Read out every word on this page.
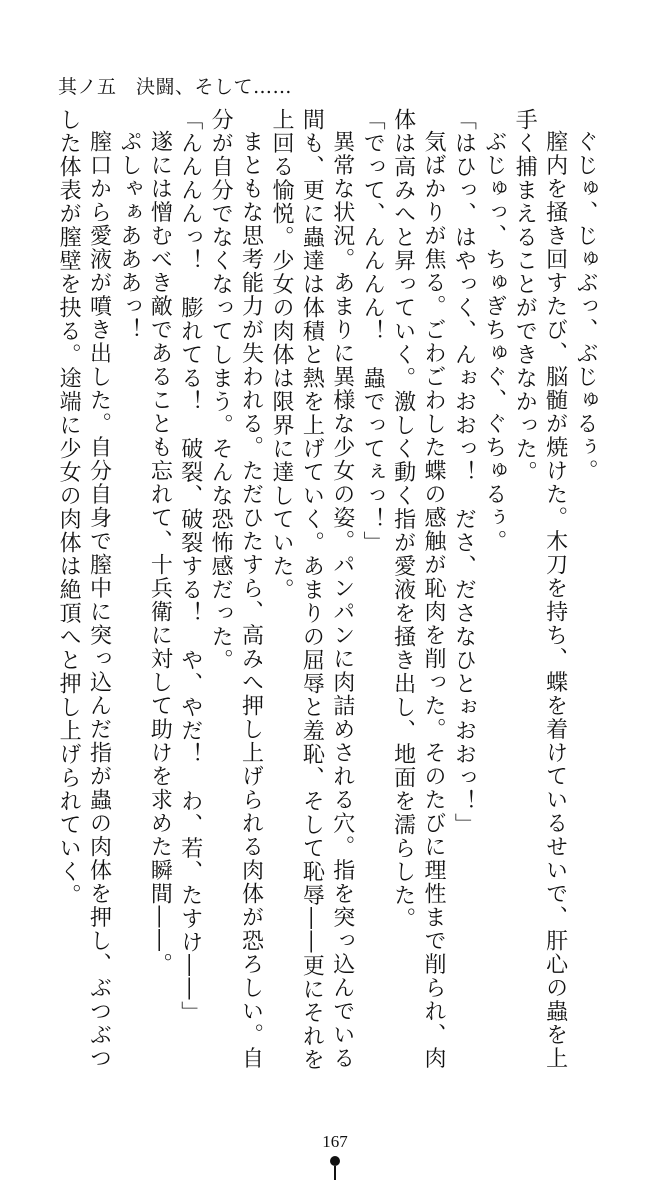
其ノ五　決闘、そして……

ぐじゅ、じゅぶっ、ぶじゅるぅ。

膣内を掻き回すたび、脳髄が焼けた。木刀を持ち、蝶を着けているせいで、肝心の蟲を上手く捕まえることができなかった。

ぶじゅっ、ちゅぎちゅぐ、ぐちゅるぅ。

「はひっ、はやっく、んぉおおっ！　ださ、ださなひとぉおおっ！」

気ばかりが焦る。ごわごわした蝶の感触が恥肉を削った。そのたびに理性まで削られ、肉体は高みへと昇っていく。激しく動く指が愛液を掻き出し、地面を濡らした。

「でって、んんんん！　蟲でってぇっ！」

異常な状況。あまりに異様な少女の姿。パンパンに肉詰めされる穴。指を突っ込んでいる間も、更に蟲達は体積と熱を上げていく。あまりの屈辱と羞恥、そして恥辱――更にそれを上回る愉悦。少女の肉体は限界に達していた。

まともな思考能力が失われる。ただひたすら、高みへ押し上げられる肉体が恐ろしい。自分が自分でなくなってしまう。そんな恐怖感だった。

「んんんんっ！　膨れてる！　破裂、破裂する！　や、やだ！　わ、若、たすけ――」

遂には憎むべき敵であることも忘れて、十兵衛に対して助けを求めた瞬間――。

ぷしゃぁあああっ！

膣口から愛液が噴き出した。自分自身で膣中に突っ込んだ指が蟲の肉体を押し、ぶつぶつした体表が膣壁を抉る。途端に少女の肉体は絶頂へと押し上げられていく。

167
